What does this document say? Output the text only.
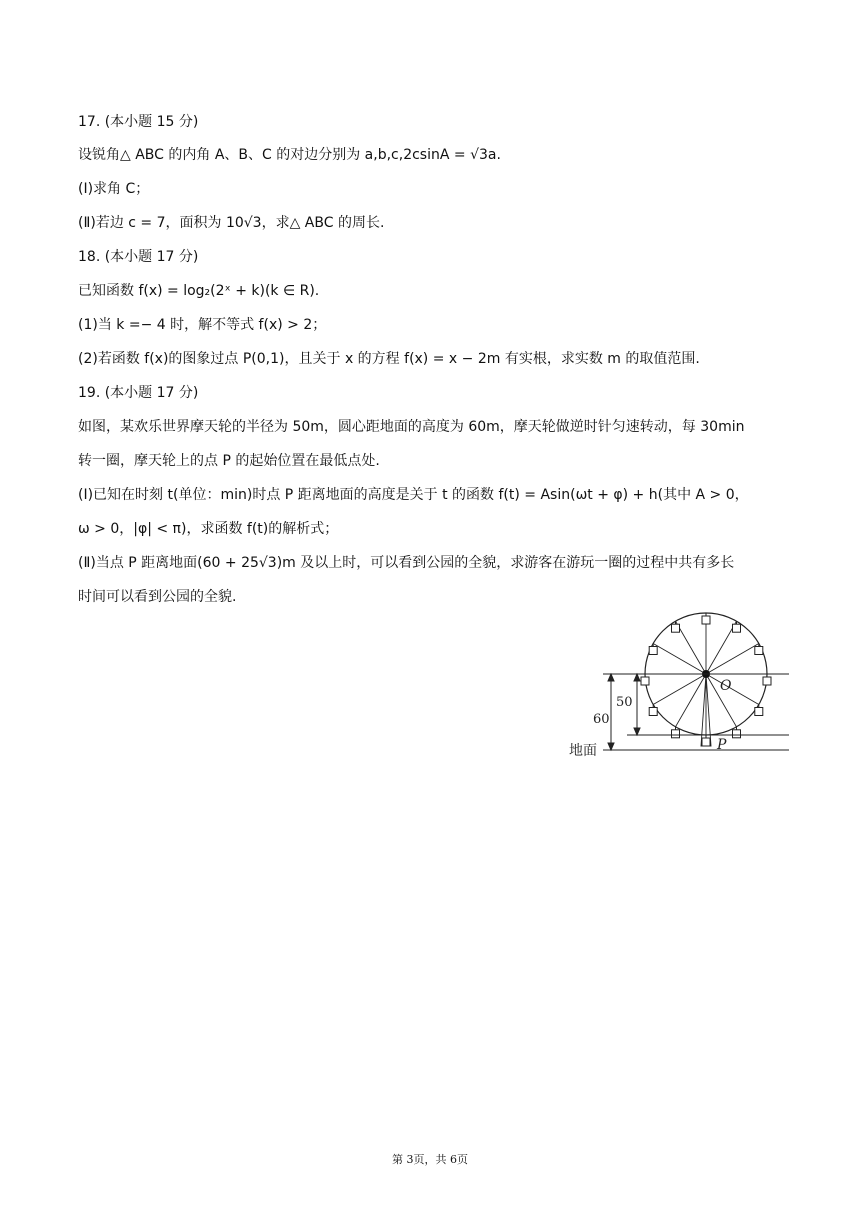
17. (本小题 15 分)
设锐角△ ABC 的内角 A、B、C 的对边分别为 a,b,c,2csinA = √3a.
(Ⅰ)求角 C；
(Ⅱ)若边 c = 7，面积为 10√3，求△ ABC 的周长.
18. (本小题 17 分)
已知函数 f(x) = log₂(2ˣ + k)(k ∈ R).
(1)当 k =− 4 时，解不等式 f(x) > 2；
(2)若函数 f(x)的图象过点 P(0,1)，且关于 x 的方程 f(x) = x − 2m 有实根，求实数 m 的取值范围.
19. (本小题 17 分)
如图，某欢乐世界摩天轮的半径为 50m，圆心距地面的高度为 60m，摩天轮做逆时针匀速转动，每 30min
转一圈，摩天轮上的点 P 的起始位置在最低点处.
(Ⅰ)已知在时刻 t(单位：min)时点 P 距离地面的高度是关于 t 的函数 f(t) = Asin(ωt + φ) + h(其中 A > 0，
ω > 0，|φ| < π)，求函数 f(t)的解析式；
(Ⅱ)当点 P 距离地面(60 + 25√3)m 及以上时，可以看到公园的全貌，求游客在游玩一圈的过程中共有多长
时间可以看到公园的全貌.
50
60
地面
O
P
第 3页，共 6页
